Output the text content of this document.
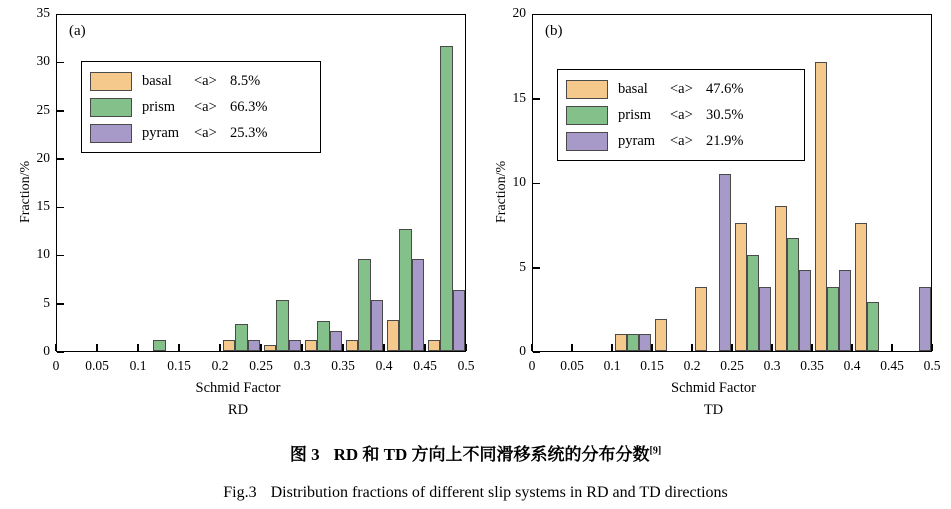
Fraction/%
(a)
basal	<a> 8.5%
prism	<a> 66.3%
pyram	<a> 25.3%
0	0.05	0.1	0.15	0.2	0.25	0.3	0.35	0.4	0.45	0.5
0
5
10
15
20
25
30
35
Schmid Factor
RD
Fraction/%
(b)
basal	<a> 47.6%
prism	<a> 30.5%
pyram	<a> 21.9%
0	0.05	0.1	0.15	0.2	0.25	0.3	0.35	0.4	0.45	0.5
0
5
10
15
20
Schmid Factor
TD
图 3 RD 和 TD 方向上不同滑移系统的分布分数[9]
Fig.3 Distribution fractions of different slip systems in RD and TD directions
